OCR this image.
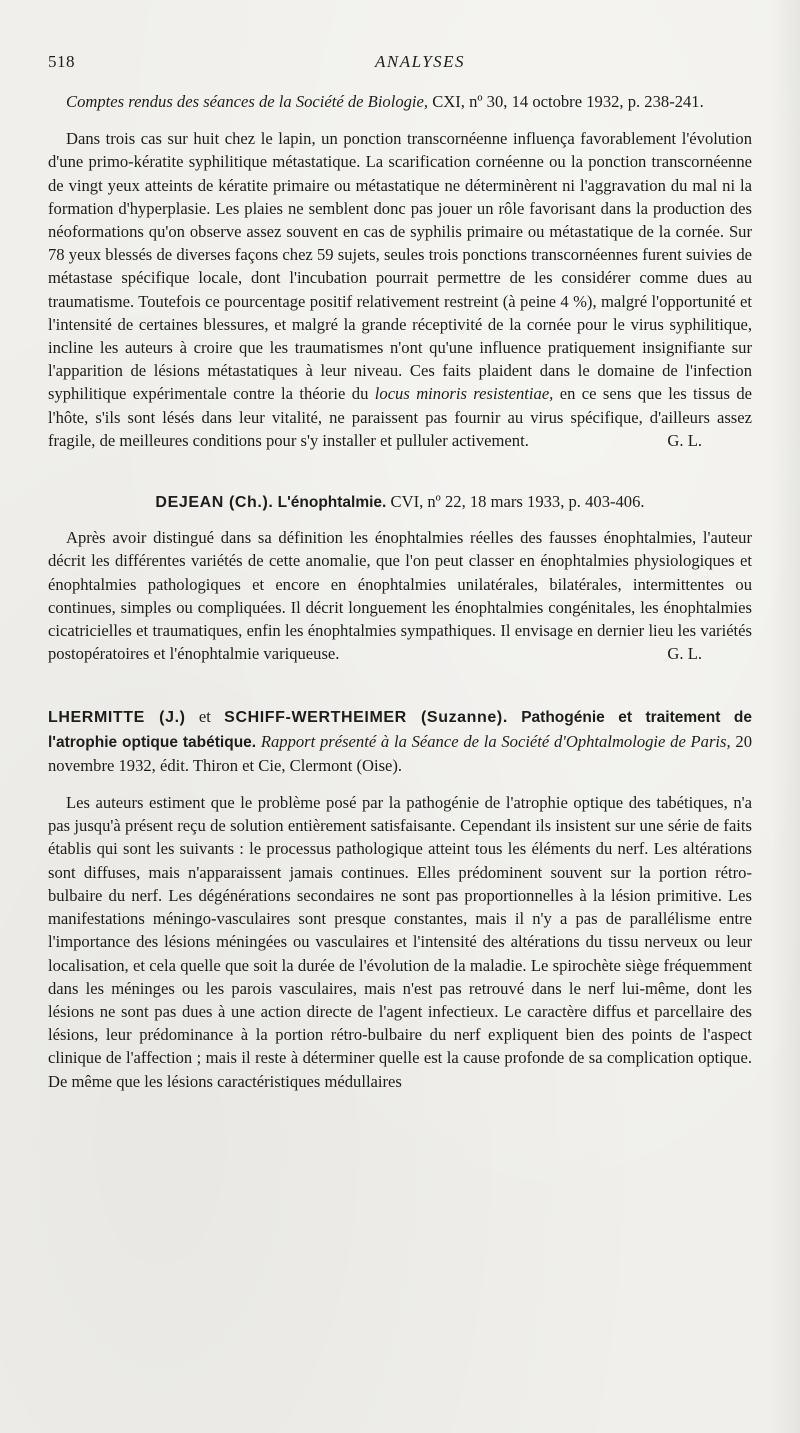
518	ANALYSES

Comptes rendus des séances de la Société de Biologie, CXI, nº 30, 14 octobre 1932, p. 238-241.

Dans trois cas sur huit chez le lapin, un ponction transcornéenne influença favorablement l'évolution d'une primo-kératite syphilitique métastatique. La scarification cornéenne ou la ponction transcornéenne de vingt yeux atteints de kératite primaire ou métastatique ne déterminèrent ni l'aggravation du mal ni la formation d'hyperplasie. Les plaies ne semblent donc pas jouer un rôle favorisant dans la production des néoformations qu'on observe assez souvent en cas de syphilis primaire ou métastatique de la cornée. Sur 78 yeux blessés de diverses façons chez 59 sujets, seules trois ponctions transcornéennes furent suivies de métastase spécifique locale, dont l'incubation pourrait permettre de les considérer comme dues au traumatisme. Toutefois ce pourcentage positif relativement restreint (à peine 4 %), malgré l'opportunité et l'intensité de certaines blessures, et malgré la grande réceptivité de la cornée pour le virus syphilitique, incline les auteurs à croire que les traumatismes n'ont qu'une influence pratiquement insignifiante sur l'apparition de lésions métastatiques à leur niveau. Ces faits plaident dans le domaine de l'infection syphilitique expérimentale contre la théorie du locus minoris resistentiae, en ce sens que les tissus de l'hôte, s'ils sont lésés dans leur vitalité, ne paraissent pas fournir au virus spécifique, d'ailleurs assez fragile, de meilleures conditions pour s'y installer et pulluler activement.	G. L.

DEJEAN (Ch.). L'énophtalmie. CVI, nº 22, 18 mars 1933, p. 403-406.

Après avoir distingué dans sa définition les énophtalmies réelles des fausses énophtalmies, l'auteur décrit les différentes variétés de cette anomalie, que l'on peut classer en énophtalmies physiologiques et énophtalmies pathologiques et encore en énophtalmies unilatérales, bilatérales, intermittentes ou continues, simples ou compliquées. Il décrit longuement les énophtalmies congénitales, les énophtalmies cicatricielles et traumatiques, enfin les énophtalmies sympathiques. Il envisage en dernier lieu les variétés postopératoires et l'énophtalmie variqueuse.	G. L.

LHERMITTE (J.) et SCHIFF-WERTHEIMER (Suzanne). Pathogénie et traitement de l'atrophie optique tabétique. Rapport présenté à la Séance de la Société d'Ophtalmologie de Paris, 20 novembre 1932, édit. Thiron et Cie, Clermont (Oise).

Les auteurs estiment que le problème posé par la pathogénie de l'atrophie optique des tabétiques, n'a pas jusqu'à présent reçu de solution entièrement satisfaisante. Cependant ils insistent sur une série de faits établis qui sont les suivants : le processus pathologique atteint tous les éléments du nerf. Les altérations sont diffuses, mais n'apparaissent jamais continues. Elles prédominent souvent sur la portion rétro-bulbaire du nerf. Les dégénérations secondaires ne sont pas proportionnelles à la lésion primitive. Les manifestations méningo-vasculaires sont presque constantes, mais il n'y a pas de parallélisme entre l'importance des lésions méningées ou vasculaires et l'intensité des altérations du tissu nerveux ou leur localisation, et cela quelle que soit la durée de l'évolution de la maladie. Le spirochète siège fréquemment dans les méninges ou les parois vasculaires, mais n'est pas retrouvé dans le nerf lui-même, dont les lésions ne sont pas dues à une action directe de l'agent infectieux. Le caractère diffus et parcellaire des lésions, leur prédominance à la portion rétro-bulbaire du nerf expliquent bien des points de l'aspect clinique de l'affection ; mais il reste à déterminer quelle est la cause profonde de sa complication optique. De même que les lésions caractéristiques médullaires
